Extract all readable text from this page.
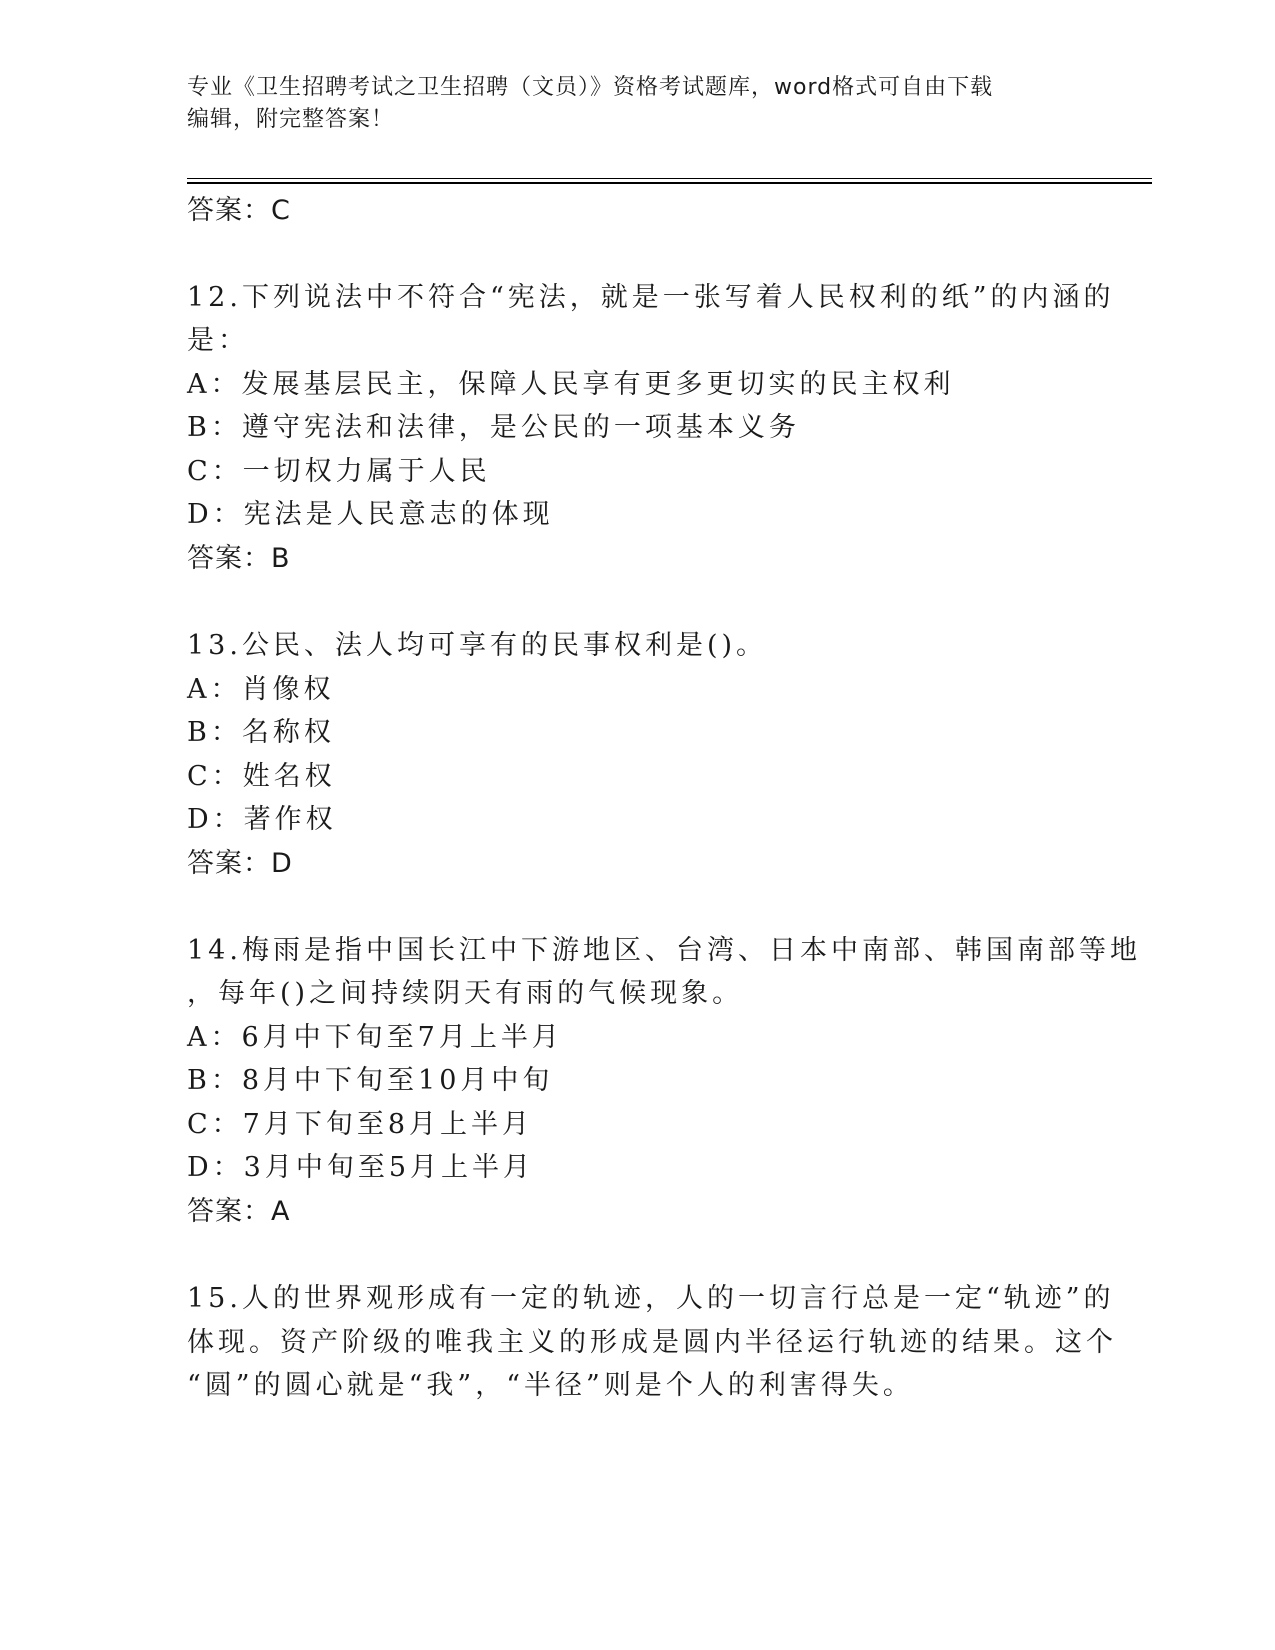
专业《卫生招聘考试之卫生招聘（文员）》资格考试题库，word格式可自由下载
编辑，附完整答案！
答案：C
12.下列说法中不符合“宪法，就是一张写着人民权利的纸”的内涵的
是：
A：发展基层民主，保障人民享有更多更切实的民主权利
B：遵守宪法和法律，是公民的一项基本义务
C：一切权力属于人民
D：宪法是人民意志的体现
答案：B
13.公民、法人均可享有的民事权利是()。
A：肖像权
B：名称权
C：姓名权
D：著作权
答案：D
14.梅雨是指中国长江中下游地区、台湾、日本中南部、韩国南部等地
，每年()之间持续阴天有雨的气候现象。
A：6月中下旬至7月上半月
B：8月中下旬至10月中旬
C：7月下旬至8月上半月
D：3月中旬至5月上半月
答案：A
15.人的世界观形成有一定的轨迹，人的一切言行总是一定“轨迹”的
体现。资产阶级的唯我主义的形成是圆内半径运行轨迹的结果。这个
“圆”的圆心就是“我”，“半径”则是个人的利害得失。
